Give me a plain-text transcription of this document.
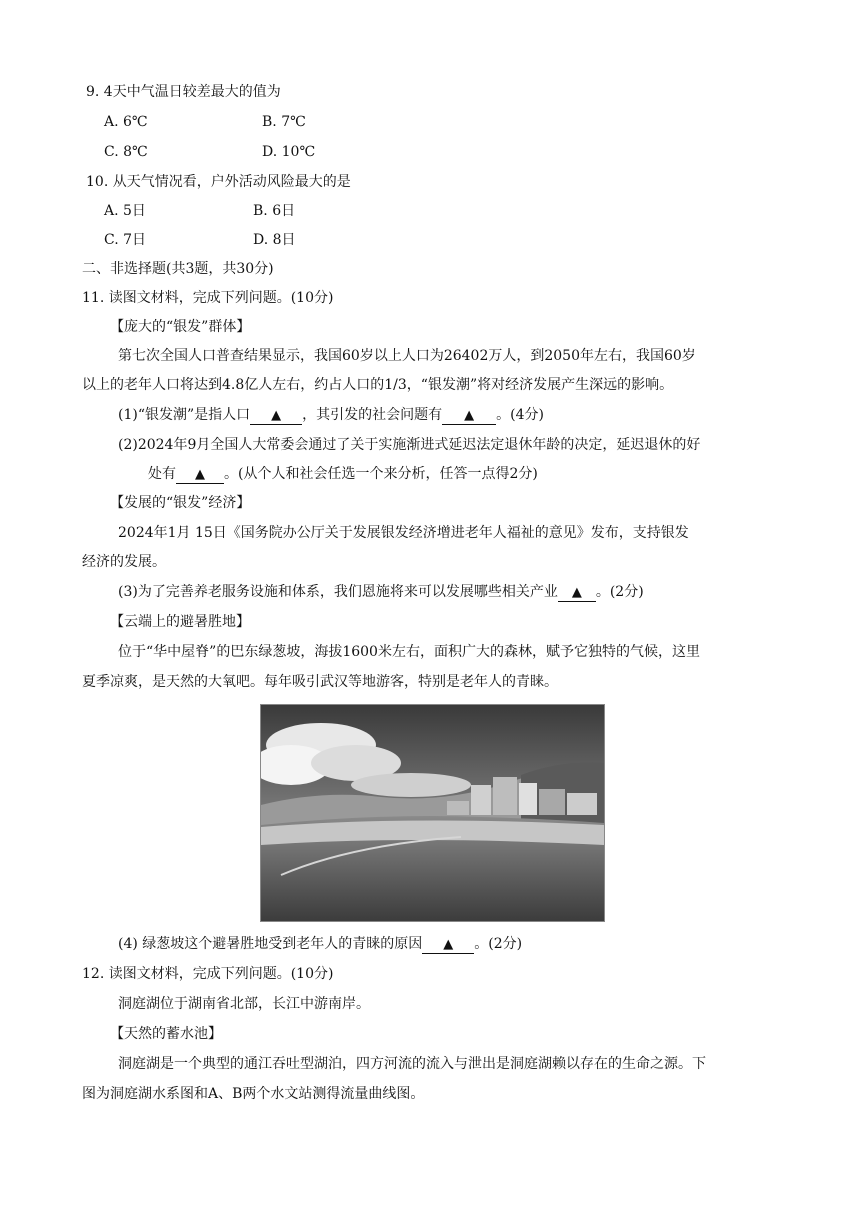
9. 4天中气温日较差最大的值为
A. 6℃	B. 7℃
C. 8℃	D. 10℃
10. 从天气情况看，户外活动风险最大的是
A. 5日	B. 6日
C. 7日	D. 8日
二、非选择题(共3题，共30分)
11. 读图文材料，完成下列问题。(10分)
【庞大的“银发”群体】
第七次全国人口普查结果显示，我国60岁以上人口为26402万人，到2050年左右，我国60岁
以上的老年人口将达到4.8亿人左右，约占人口的1/3，“银发潮”将对经济发展产生深远的影响。
(1)“银发潮”是指人口 ▲ ，其引发的社会问题有 ▲ 。(4分)
(2)2024年9月全国人大常委会通过了关于实施渐进式延迟法定退休年龄的决定，延迟退休的好
处有 ▲ 。(从个人和社会任选一个来分析，任答一点得2分)
【发展的“银发”经济】
2024年1月 15日《国务院办公厅关于发展银发经济增进老年人福祉的意见》发布，支持银发
经济的发展。
(3)为了完善养老服务设施和体系，我们恩施将来可以发展哪些相关产业 ▲ 。(2分)
【云端上的避暑胜地】
位于“华中屋脊”的巴东绿葱坡，海拔1600米左右，面积广大的森林，赋予它独特的气候，这里
夏季凉爽，是天然的大氧吧。每年吸引武汉等地游客，特别是老年人的青睐。
(4) 绿葱坡这个避暑胜地受到老年人的青睐的原因 ▲ 。(2分)
12. 读图文材料，完成下列问题。(10分)
洞庭湖位于湖南省北部，长江中游南岸。
【天然的蓄水池】
洞庭湖是一个典型的通江吞吐型湖泊，四方河流的流入与泄出是洞庭湖赖以存在的生命之源。下
图为洞庭湖水系图和A、B两个水文站测得流量曲线图。
